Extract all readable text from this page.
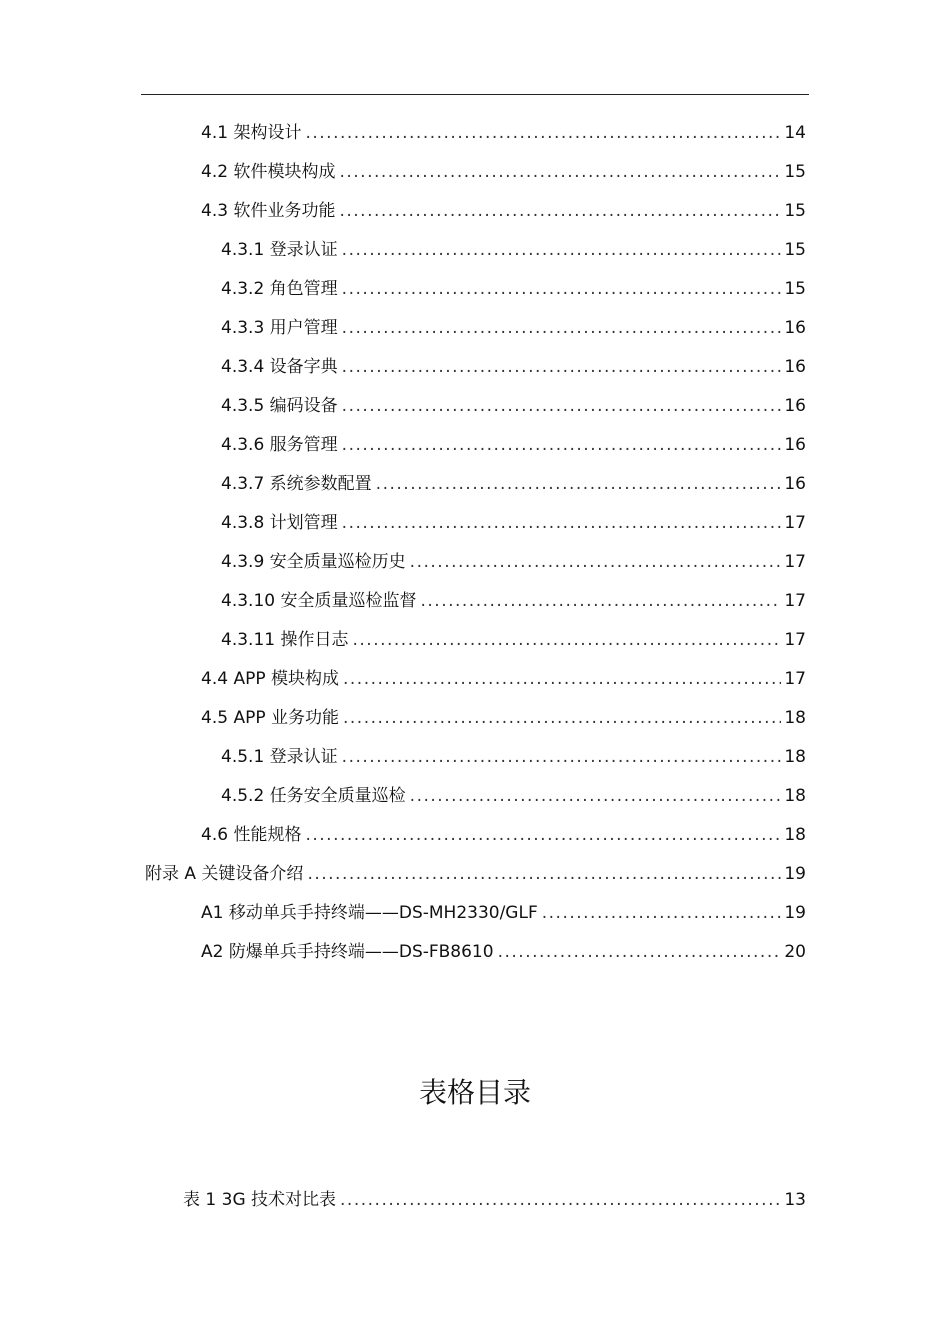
4.1 架构设计 .....	14
4.2 软件模块构成 .....	15
4.3 软件业务功能 .....	15
4.3.1 登录认证 .....	15
4.3.2 角色管理 .....	15
4.3.3 用户管理 .....	16
4.3.4 设备字典 .....	16
4.3.5 编码设备 .....	16
4.3.6 服务管理 .....	16
4.3.7 系统参数配置 .....	16
4.3.8 计划管理 .....	17
4.3.9 安全质量巡检历史 .....	17
4.3.10 安全质量巡检监督 .....	17
4.3.11 操作日志 .....	17
4.4 APP 模块构成 .....	17
4.5 APP 业务功能 .....	18
4.5.1 登录认证 .....	18
4.5.2 任务安全质量巡检 .....	18
4.6 性能规格 .....	18
附录 A 关键设备介绍 .....	19
A1 移动单兵手持终端——DS-MH2330/GLF .....	19
A2 防爆单兵手持终端——DS-FB8610 .....	20
表格目录
表 1 3G 技术对比表 .....	13
